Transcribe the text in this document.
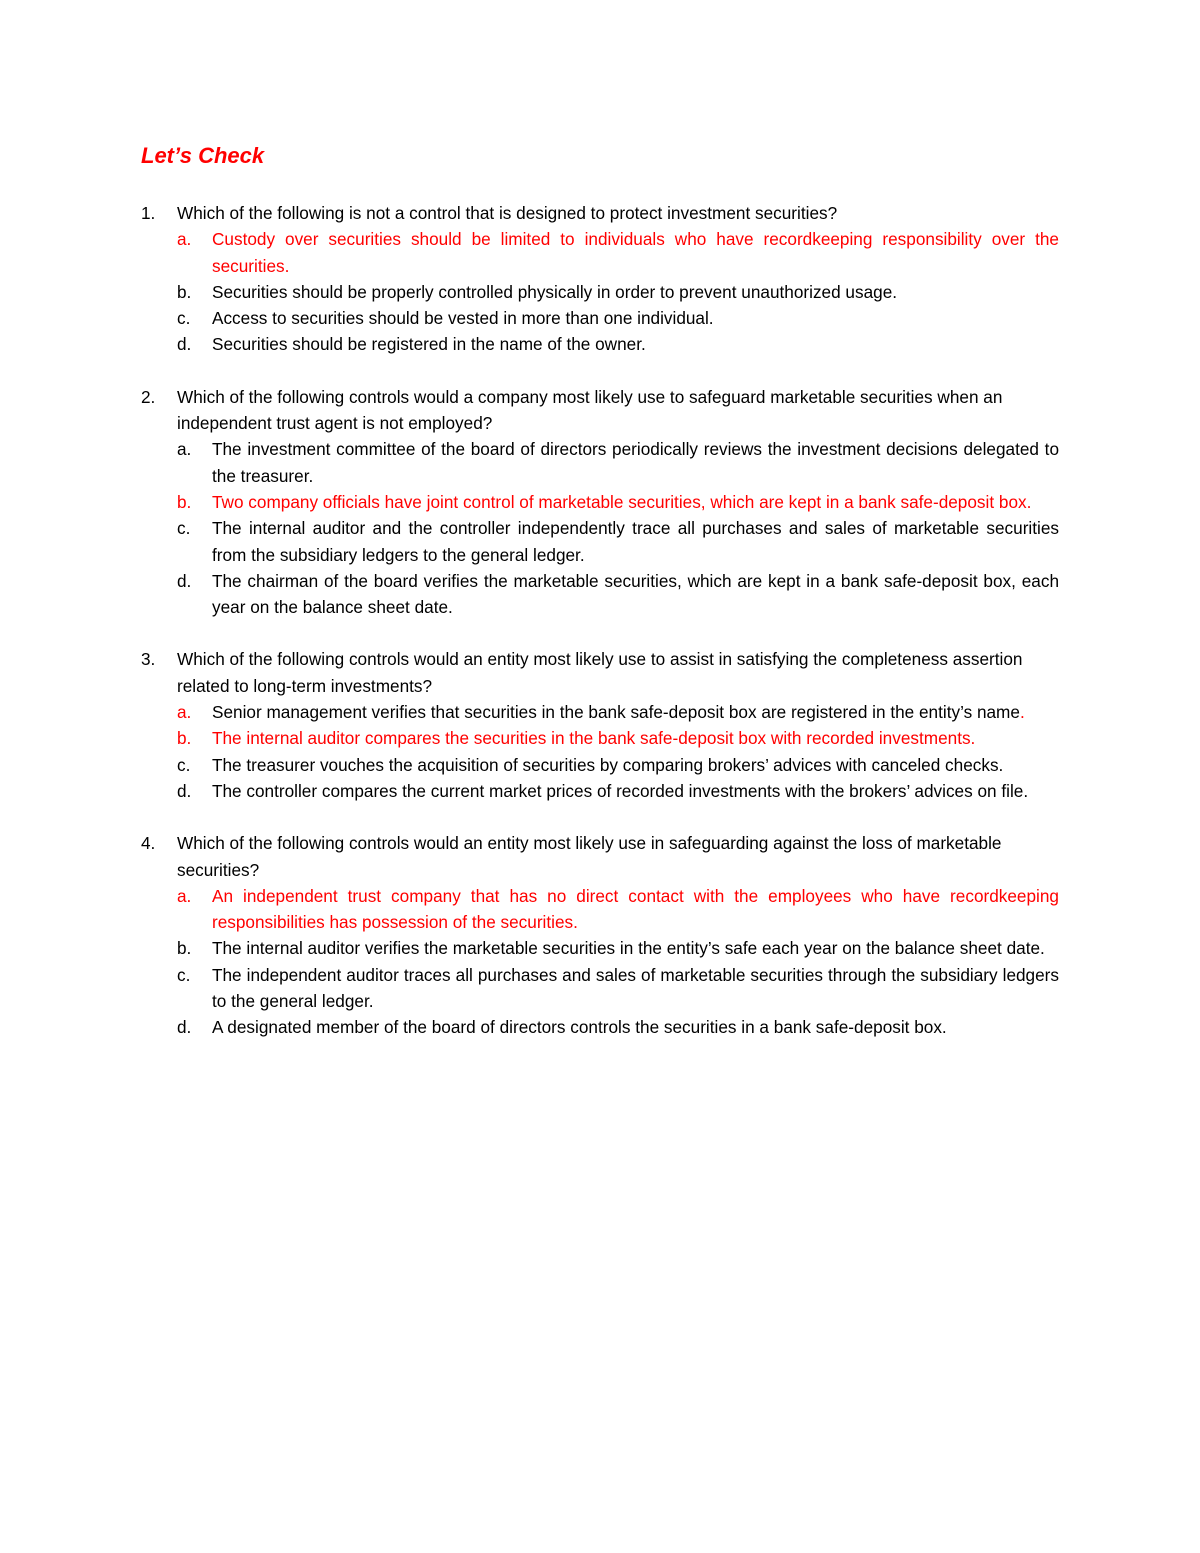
Let’s Check
1. Which of the following is not a control that is designed to protect investment securities?
a. Custody over securities should be limited to individuals who have recordkeeping responsibility over the securities.
b. Securities should be properly controlled physically in order to prevent unauthorized usage.
c. Access to securities should be vested in more than one individual.
d. Securities should be registered in the name of the owner.
2. Which of the following controls would a company most likely use to safeguard marketable securities when an independent trust agent is not employed?
a. The investment committee of the board of directors periodically reviews the investment decisions delegated to the treasurer.
b. Two company officials have joint control of marketable securities, which are kept in a bank safe-deposit box.
c. The internal auditor and the controller independently trace all purchases and sales of marketable securities from the subsidiary ledgers to the general ledger.
d. The chairman of the board verifies the marketable securities, which are kept in a bank safe-deposit box, each year on the balance sheet date.
3. Which of the following controls would an entity most likely use to assist in satisfying the completeness assertion related to long-term investments?
a. Senior management verifies that securities in the bank safe-deposit box are registered in the entity’s name.
b. The internal auditor compares the securities in the bank safe-deposit box with recorded investments.
c. The treasurer vouches the acquisition of securities by comparing brokers’ advices with canceled checks.
d. The controller compares the current market prices of recorded investments with the brokers’ advices on file.
4. Which of the following controls would an entity most likely use in safeguarding against the loss of marketable securities?
a. An independent trust company that has no direct contact with the employees who have recordkeeping responsibilities has possession of the securities.
b. The internal auditor verifies the marketable securities in the entity’s safe each year on the balance sheet date.
c. The independent auditor traces all purchases and sales of marketable securities through the subsidiary ledgers to the general ledger.
d. A designated member of the board of directors controls the securities in a bank safe-deposit box.
